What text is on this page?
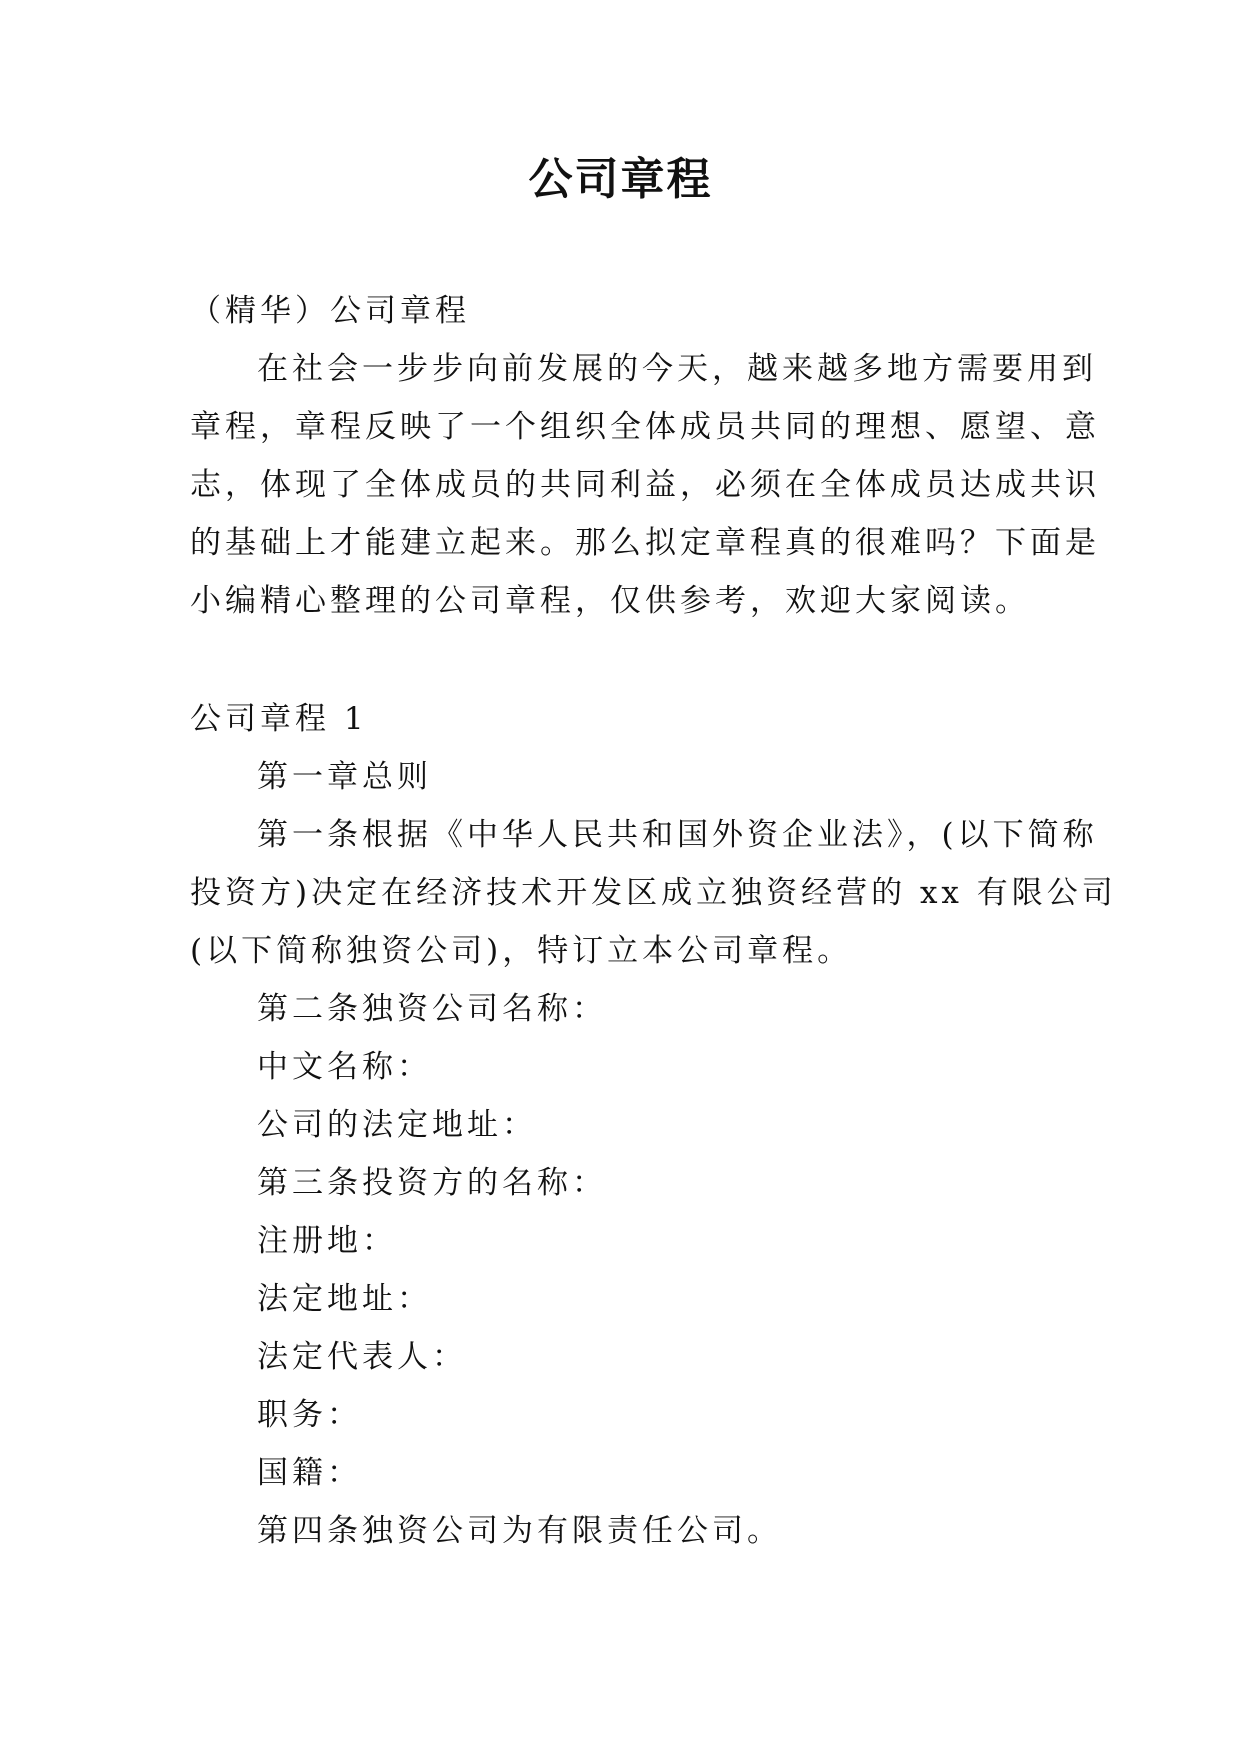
公司章程
（精华）公司章程
在社会一步步向前发展的今天，越来越多地方需要用到
章程，章程反映了一个组织全体成员共同的理想、愿望、意
志，体现了全体成员的共同利益，必须在全体成员达成共识
的基础上才能建立起来。那么拟定章程真的很难吗？下面是
小编精心整理的公司章程，仅供参考，欢迎大家阅读。
公司章程 1
第一章总则
第一条根据《中华人民共和国外资企业法》，(以下简称
投资方)决定在经济技术开发区成立独资经营的 xx 有限公司
(以下简称独资公司)，特订立本公司章程。
第二条独资公司名称：
中文名称：
公司的法定地址：
第三条投资方的名称：
注册地：
法定地址：
法定代表人：
职务：
国籍：
第四条独资公司为有限责任公司。
